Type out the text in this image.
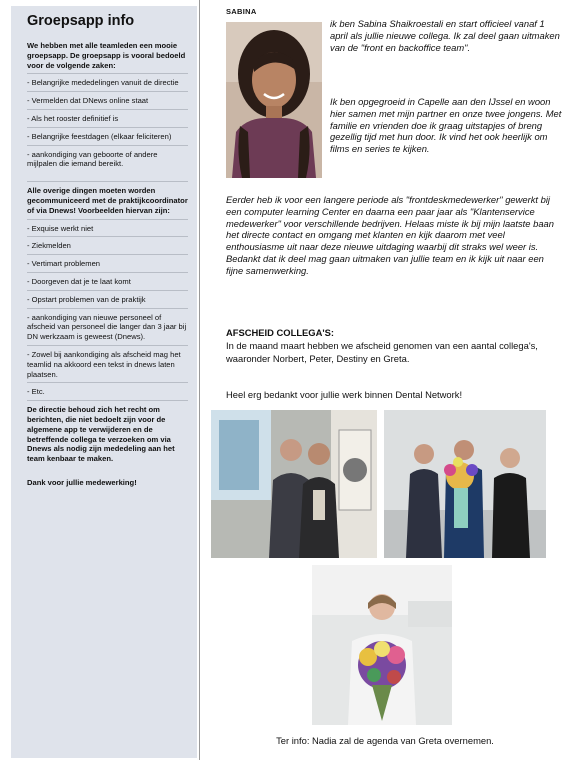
Groepsapp info
We hebben met alle teamleden een mooie groepsapp. De groepsapp is vooral bedoeld voor de volgende zaken:
- Belangrijke mededelingen vanuit de directie
- Vermelden dat DNews online staat
- Als het rooster definitief is
- Belangrijke feestdagen (elkaar feliciteren)
- aankondiging van geboorte of andere mijlpalen die iemand bereikt.
Alle overige dingen moeten worden gecommuniceerd met de praktijkcoordinator of via Dnews! Voorbeelden hiervan zijn:
- Exquise werkt niet
- Ziekmelden
- Vertimart problemen
- Doorgeven dat je te laat komt
- Opstart problemen van de praktijk
- aankondiging van nieuwe personeel of afscheid van personeel die langer dan 3 jaar bij DN werkzaam is geweest (Dnews).
- Zowel bij aankondiging als afscheid mag het teamlid na akkoord een tekst in dnews laten plaatsen.
- Etc.
De directie behoud zich het recht om berichten, die niet bedoelt zijn voor de algemene app te verwijderen en de betreffende collega te verzoeken om via Dnews als nodig zijn mededeling aan het team kenbaar te maken.
Dank voor jullie medewerking!
SABINA
ik ben Sabina Shaikroestali en start officieel vanaf 1 april als jullie nieuwe collega. Ik zal deel gaan uitmaken van de "front en backoffice team".
Ik ben opgegroeid in Capelle aan den IJssel en woon hier samen met mijn partner en onze twee jongens. Met familie en vrienden doe ik graag uitstapjes of breng gezellig tijd met hun door. Ik vind het ook heerlijk om films en series te kijken.
Eerder heb ik voor een langere periode als "frontdeskmedewerker" gewerkt bij een computer learning Center en daarna een paar jaar als "Klantenservice medewerker" voor verschillende bedrijven. Helaas miste ik bij mijn laatste baan het directe contact en omgang met klanten en kijk daarom met veel enthousiasme uit naar deze nieuwe uitdaging waarbij dit straks wel weer is. Bedankt dat ik deel mag gaan uitmaken van jullie team en ik kijk uit naar een fijne samenwerking.
AFSCHEID COLLEGA'S:
In de maand maart hebben we afscheid genomen van een aantal collega's, waaronder Norbert, Peter, Destiny en Greta.
Heel erg bedankt voor jullie werk binnen Dental Network!
Ter info: Nadia zal de agenda van Greta overnemen.
